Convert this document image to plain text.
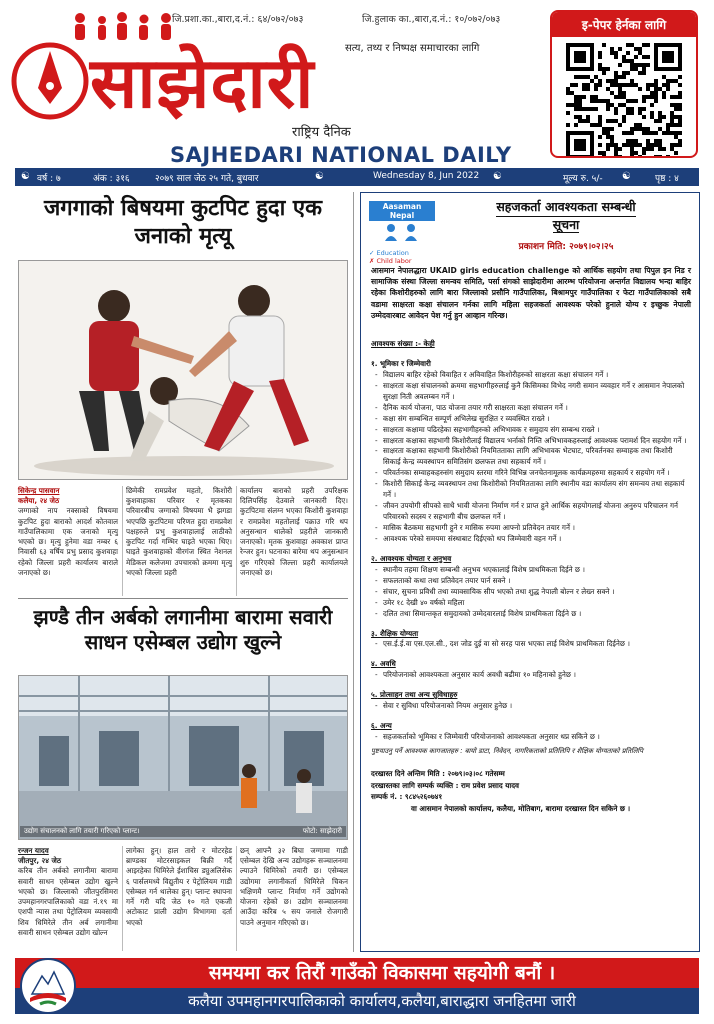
जि.प्रशा.का.,बारा,द.नं.: ६४/०७२/०७३	जि.हुलाक का.,बारा,द.नं.: १०/०७२/०७३
साझेदारी
राष्ट्रिय दैनिक
SAJHEDARI NATIONAL DAILY
सत्य, तथ्य र निष्पक्ष समाचारका लागि
इ-पेपर हेर्नका लागि
☯ वर्ष : ७	अंक : ३१६	२०७९ साल जेठ २५ गते, बुधवार	☯	Wednesday 8, Jun 2022 ☯	मूल्य रु. ५/- ☯	पृष्ठ : ४
जगगाको बिषयमा कुटपिट हुदा एक जनाको मृत्यू
सिकेन्द्र पासवान
कलैया, २४ जेठ
जग्गाको नाप नक्साको विषयमा कुटपिट हुदा बाराको आदर्श कोतवाल गाउँपालिकामा एक जनाको मृत्यु भएको छ। मृत्यु हुनेमा वडा नम्बर ६ निवासी ६३ वर्षिय प्रभु प्रसाद कुशवाहा रहेको जिल्ला प्रहरी कार्यालय बाराले जनाएको छ।
छिमेकी रामप्रवेश महतो, किशोरी कुशवाहाका परिवार र मृतकका परिवारबीच जग्गाको विषयमा भै झगडा भएपछि कुटपिटमा परिणत हुदा रामप्रवेश पक्षहरुले प्रभु कुशवाहालाई लाठीको कुटपिट गर्दा गम्भिर घाइते भएका थिए। घाइते कुशवाहाको वीरगंज स्थित नेशनल मेडिकल कलेजमा उपचारको क्रममा मृत्यु भएको जिल्ला प्रहरी
कार्यालय बाराको प्रहरी उपरिक्षक दिलिपसिंह देउवाले जानकारी दिए। कुटपिटमा संलग्न भएका किशोरी कुशवाहा र रामप्रवेश महतोलाई पक्राउ गरि थप अनुसन्धान थालेको प्रहरीले जानकारी जनाएको। मृतक कुशवाहा अवकाश प्राप्त रेन्जर हुन। घटनाका बारेमा थप अनुसन्धान शुरु गरिएको जिल्ला प्रहरी कार्यालयले जनाएको छ।
झण्डै तीन अर्बको लगानीमा बारामा सवारी साधन एसेम्बल उद्योग खुल्ने
उद्योग संचालनको लागि तयारी गरिएको प्लान्ट।	फोटो: साझेदारी
रन्जन यादव
जीतपुर, २४ जेठ
करिब तीन अर्बको लगानीमा बारामा सवारी साधन एसेम्बल उद्योग खुल्ने भएको छ। जिल्लाको जीतपुरसिमरा उपमहानगरपालिकाको वडा नं.१९ मा एशपी न्यास तथा पेट्रोलियम व्यवसायी शिव धिमिरेले तीन अर्ब लगानीमा सवारी साधन एसेम्बल उद्योग खोल्न
लागेका हुन्। हाल तारो र मोटरहेड ब्राण्डका मोटरसाइकल बिक्री गर्दै आइरहेका धिमिरेले ईशाचिस ड्युअलिसेक ६ पार्सलमध्ये विद्युतीय र पेट्रोलियम गाडी एसेम्बल गर्न थालेका हुन्। प्लान्ट स्थापना गर्ने गरी यदि जेठ १० गते एकजी अटोकाट प्राली उद्योग विभागमा दर्ता भएको
छन् आफ्नै ३२ बिघा जग्गामा गाडी एसेम्बल देखि अन्य उद्योगहरू सञ्चालनमा ल्याउने धिमिरेको तयारी छ। एसेम्बल उद्योगमा लगानीकर्ता धिमिरेले चिकन भक्षिणमै प्लान्ट निर्माण गर्ने उद्योगको योजना रहेको छ। उद्योग सञ्चालनमा आउँदा करिब ५ सय जनाले रोजगारी पाउने अनुमान गरिएको छ।
Aasaman Nepal
✓ Education
✗ Child labor
सहजकर्ता आवश्यकता सम्बन्धी
सूचना
प्रकाशन मिति: २०७९।०२।२५
आसमान नेपालद्धारा UKAID girls education challenge को आर्थिक सहयोग तथा पिपुल इन निड र सामाजिक संस्था जिल्ला समन्वय समिति, पर्सा संगको साझेदारीमा आरम्भ परियोजना अन्तर्गत विद्यालय भन्दा बाहिर रहेका किशोरीहरुको लागि बारा जिल्लाको प्रसौनि गाउँपालिका, बिश्रामपुर गाउँपालिका र फेटा गाउँपालिकाको सबै वडामा साक्षरता कक्षा संचालन गर्नका लागि महिला सहजकर्ता आवश्यक परेको हुनाले योग्य र इच्छुक नेपाली उम्मेदवारबाट आवेदन पेश गर्नु हुन आव्हान गरिन्छ।
आवश्यक संख्या :- केही
१. भूमिका र जिम्मेवारी
- विद्यालय बाहिर रहेको विवाहित र अविवाहित किशोरीहरुको साक्षरता कक्षा संचालन गर्ने ।
- साक्षरता कक्षा संचालनको क्रममा सहभागीहरुलाई कुनै किसिमका विभेद नगरी समान व्यवहार गर्ने र आसमान नेपालको सुरक्षा निती अवलम्बन गर्ने ।
- दैनिक कार्य योजना, पाठ योजना तयार गरी साक्षरता कक्षा संचालन गर्ने ।
- कक्षा संग सम्बन्धित सम्पूर्ण अभिलेख सुरक्षित र व्यवस्थित राख्ने ।
- साक्षरता कक्षामा पढिरहेका सहभागीहरुको अभिभावक र समुदाय संग सम्बन्ध राख्ने ।
- साक्षरता कक्षाका सहभागी किशोरीलाई विद्यालय भर्नाको निम्ति अभिभावकहरुलाई आवश्यक परामर्श दिन सहयोग गर्ने ।
- साक्षरता कक्षाका सहभागी किशोरीको नियमितताका लागि अभिभावक भेटघाट, परिवर्तनका सम्वाहक तथा किशोरी सिकाई केन्द्र व्यवस्थापन समितिसंग छलफल तथा सहकार्य गर्ने ।
- परिवर्तनका सम्वाहकहरुसंग समुदाय स्तरमा गरिने विभिन्न जनचेतनामूलक कार्यक्रमहरुमा सहकार्य र सहयोग गर्ने ।
- किशोरी सिकाई केन्द्र व्यवस्थापन तथा किशोरीको नियमितताका लागि स्थानीय वडा कार्यालय संग समन्वय तथा सहकार्य गर्ने ।
- जीवन उपयोगी सीपको साथै भावी योजना निर्माण गर्न र प्राप्त हुने आर्थिक सहयोगलाई योजना अनुरुप परिचालन गर्न परिवारको सदस्य र सहभागी बीच छलफल गर्ने ।
- मासिक बैठकमा सहभागी हुने र मासिक रुपमा आफ्नो प्रतिवेदन तयार गर्ने ।
- आवश्यक परेको समयमा संस्थाबाट दिईएको थप जिम्मेवारी वहन गर्ने ।
२. आवश्यक योग्यता र अनुभव
- स्थानीय तहमा शिक्षण सम्बन्धी अनुभव भएकालाई विशेष प्राथमिकता दिईने छ ।
- सफलताको कथा तथा प्रतिवेदन तयार पार्न सक्ने ।
- संचार, सुचना प्रविधी तथा व्यावसायिक सीप भएको तथा शुद्ध नेपाली बोल्न र लेख्न सक्ने ।
- उमेर १८ देखी ४० वर्षको महिला
- दलित तथा सिमान्तकृत समुदायको उम्मेदवारलाई विशेष प्राथमिकता दिईने छ ।
३. शैक्षिक योग्यता
- एस.ई.ई.वा एस.एल.सी., दश जोड दुई वा सो सरह पास भएका लाई विशेष प्राथमिकता दिईनेछ ।
४. अवधि
- परियोजनाको आवश्यकता अनुसार कार्य अवधी बढीमा १० महिनाको हुनेछ ।
५. प्रोत्साहन तथा अन्य सुविधाहरु
- सेवा र सुविधा परियोजनाको नियम अनुसार हुनेछ ।
६. अन्य
- सहजकर्ताको भूमिका र जिम्मेवारी परियोजनाको आवश्यकता अनुसार थप्न सकिने छ ।
पुष्टयाउनु पर्ने आवश्यक कागजातहरु : बायो डाटा, निवेदन, नागरिकताको प्रतिलिपि र शैक्षिक योग्यताको प्रतिलिपि
दरखास्त दिने अन्तिम मिति : २०७९।०३।०८ गतेसम्म
दरखास्तका लागि सम्पर्क व्यक्ति : राम प्रवेश प्रसाद यादव
सम्पर्क नं. : ९८४५२६०७४१
वा आसमान नेपालको कार्यालय, कलैया, मोतिबाग, बारामा दरखास्त दिन सकिने छ ।
समयमा कर तिरौं गाउँको विकासमा सहयोगी बनौं ।
कलैया उपमहानगरपालिकाको कार्यालय,कलैया,बारा‌द्धारा जनहितमा जारी
